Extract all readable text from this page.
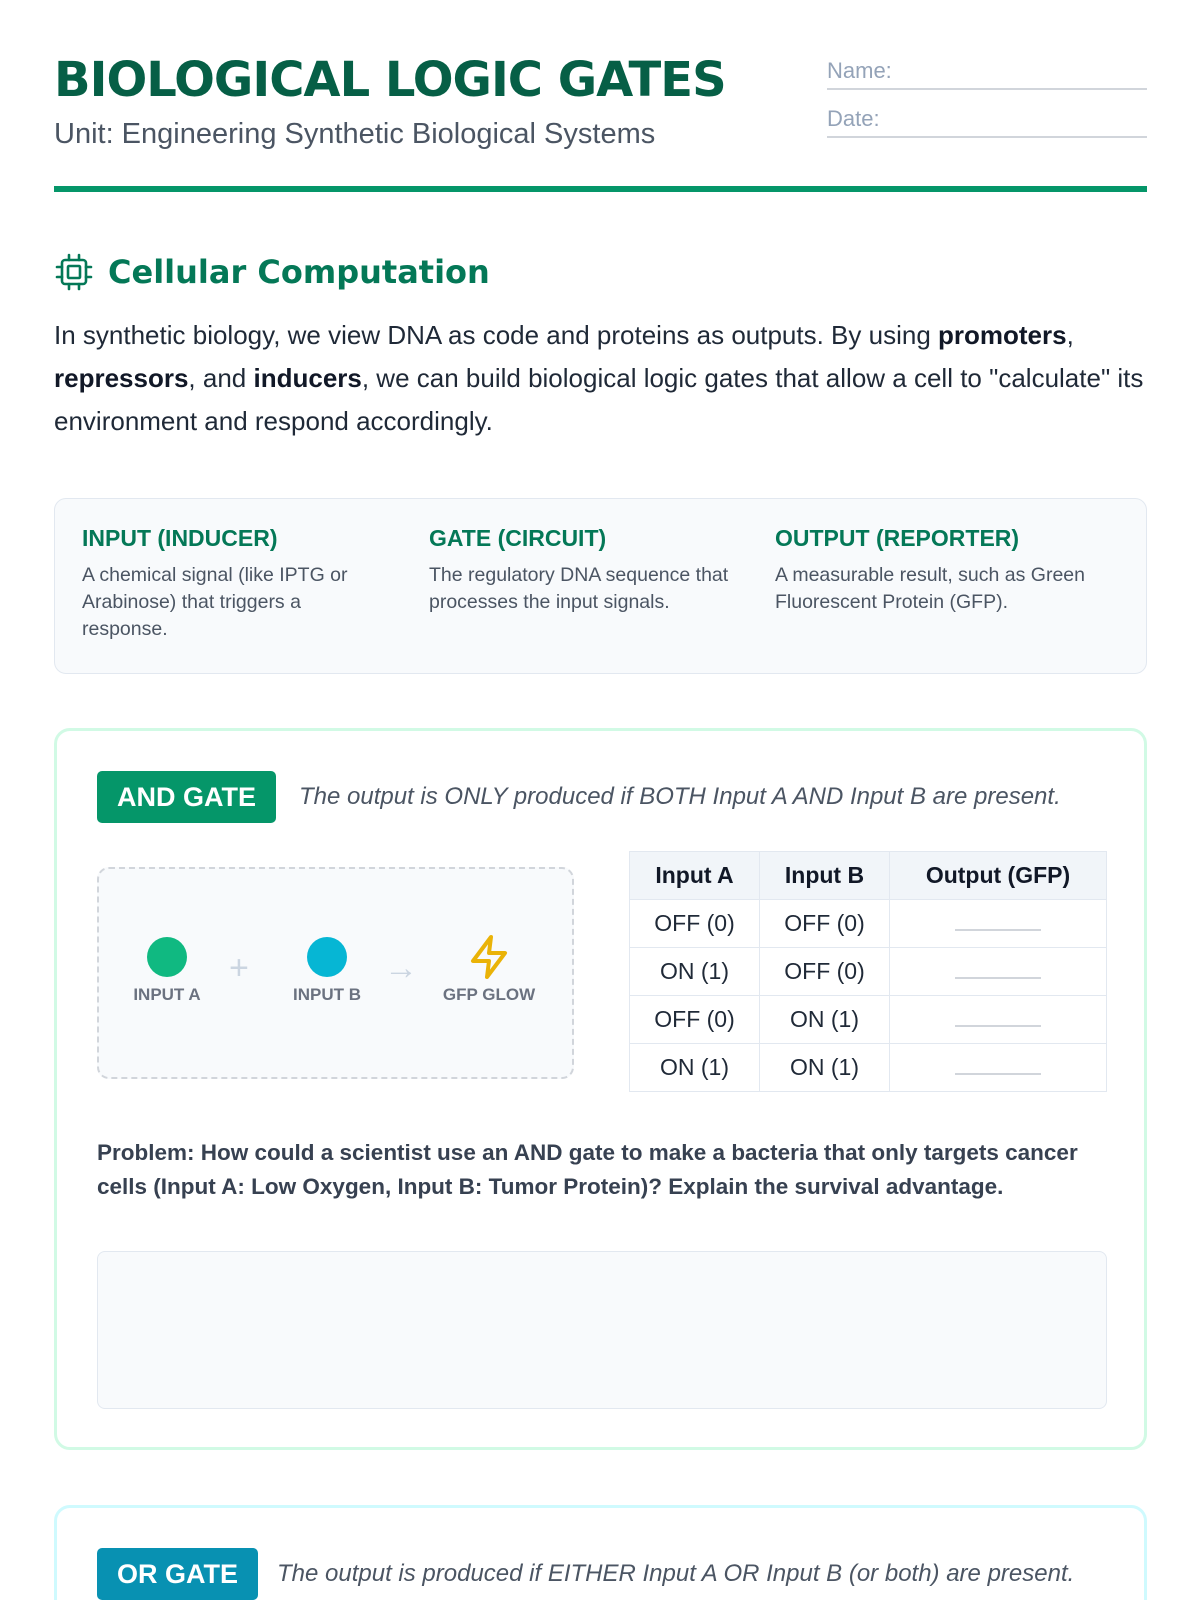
BIOLOGICAL LOGIC GATES
Unit: Engineering Synthetic Biological Systems
Name:
Date:
Cellular Computation

In synthetic biology, we view DNA as code and proteins as outputs. By using promoters, repressors, and inducers, we can build biological logic gates that allow a cell to "calculate" its environment and respond accordingly.

INPUT (INDUCER)

A chemical signal (like IPTG or Arabinose) that triggers a response.

GATE (CIRCUIT)

The regulatory DNA sequence that processes the input signals.

OUTPUT (REPORTER)

A measurable result, such as Green Fluorescent Protein (GFP).

AND GATE	The output is ONLY produced if BOTH Input A AND Input B are present.
INPUT A
+
INPUT B
→
GFP GLOW
Input A	Input B	Output (GFP)
OFF (0)	OFF (0)	
ON (1)	OFF (0)	
OFF (0)	ON (1)	
ON (1)	ON (1)	

Problem: How could a scientist use an AND gate to make a bacteria that only targets cancer cells (Input A: Low Oxygen, Input B: Tumor Protein)? Explain the survival advantage.

OR GATE	The output is produced if EITHER Input A OR Input B (or both) are present.
